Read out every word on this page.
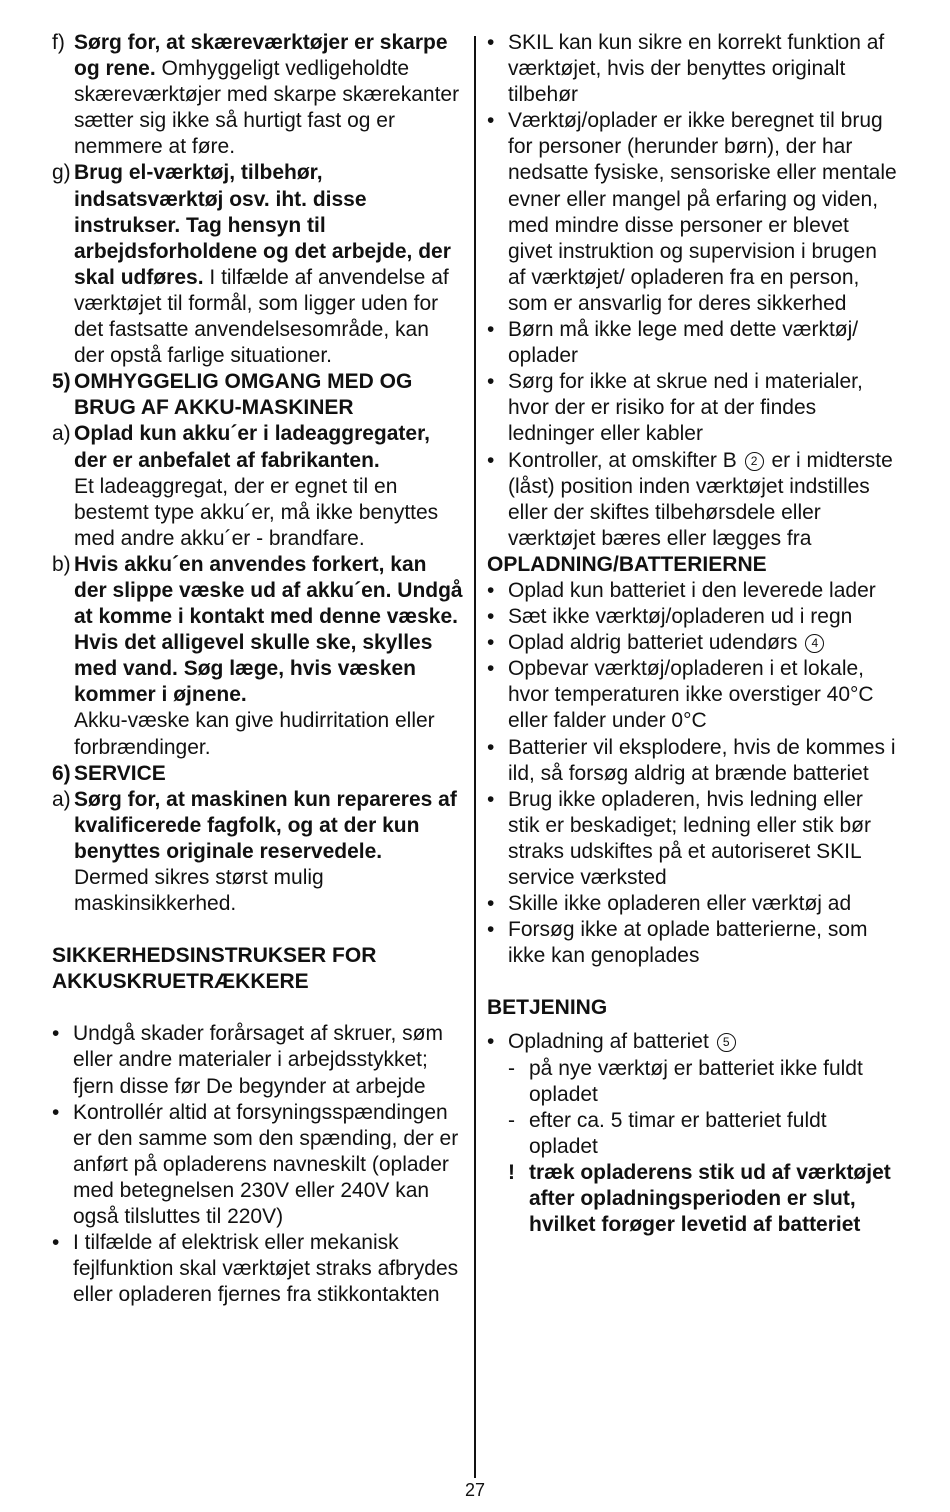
f) Sørg for, at skæreværktøjer er skarpe og rene. Omhyggeligt vedligeholdte skæreværktøjer med skarpe skærekanter sætter sig ikke så hurtigt fast og er nemmere at føre.
g) Brug el-værktøj, tilbehør, indsatsværktøj osv. iht. disse instrukser. Tag hensyn til arbejdsforholdene og det arbejde, der skal udføres. I tilfælde af anvendelse af værktøjet til formål, som ligger uden for det fastsatte anvendelsesområde, kan der opstå farlige situationer.
5) OMHYGGELIG OMGANG MED OG BRUG AF AKKU-MASKINER
a) Oplad kun akku´er i ladeaggregater, der er anbefalet af fabrikanten.
Et ladeaggregat, der er egnet til en bestemt type akku´er, må ikke benyttes med andre akku´er - brandfare.
b) Hvis akku´en anvendes forkert, kan der slippe væske ud af akku´en. Undgå at komme i kontakt med denne væske. Hvis det alligevel skulle ske, skylles med vand. Søg læge, hvis væsken kommer i øjnene.
Akku-væske kan give hudirritation eller forbrændinger.
6) SERVICE
a) Sørg for, at maskinen kun repareres af kvalificerede fagfolk, og at der kun benyttes originale reservedele.
Dermed sikres størst mulig maskinsikkerhed.
SIKKERHEDSINSTRUKSER FOR AKKUSKRUETRÆKKERE
• Undgå skader forårsaget af skruer, søm eller andre materialer i arbejdsstykket; fjern disse før De begynder at arbejde
• Kontrollér altid at forsyningsspændingen er den samme som den spænding, der er anført på opladerens navneskilt (oplader med betegnelsen 230V eller 240V kan også tilsluttes til 220V)
• I tilfælde af elektrisk eller mekanisk fejlfunktion skal værktøjet straks afbrydes eller opladeren fjernes fra stikkontakten
• SKIL kan kun sikre en korrekt funktion af værktøjet, hvis der benyttes originalt tilbehør
• Værktøj/oplader er ikke beregnet til brug for personer (herunder børn), der har nedsatte fysiske, sensoriske eller mentale evner eller mangel på erfaring og viden, med mindre disse personer er blevet givet instruktion og supervision i brugen af værktøjet/ opladeren fra en person, som er ansvarlig for deres sikkerhed
• Børn må ikke lege med dette værktøj/ oplader
• Sørg for ikke at skrue ned i materialer, hvor der er risiko for at der findes ledninger eller kabler
• Kontroller, at omskifter B 2 er i midterste (låst) position inden værktøjet indstilles eller der skiftes tilbehørsdele eller værktøjet bæres eller lægges fra
OPLADNING/BATTERIERNE
• Oplad kun batteriet i den leverede lader
• Sæt ikke værktøj/opladeren ud i regn
• Oplad aldrig batteriet udendørs 4
• Opbevar værktøj/opladeren i et lokale, hvor temperaturen ikke overstiger 40°C eller falder under 0°C
• Batterier vil eksplodere, hvis de kommes i ild, så forsøg aldrig at brænde batteriet
• Brug ikke opladeren, hvis ledning eller stik er beskadiget; ledning eller stik bør straks udskiftes på et autoriseret SKIL service værksted
• Skille ikke opladeren eller værktøj ad
• Forsøg ikke at oplade batterierne, som ikke kan genoplades
BETJENING
• Opladning af batteriet 5
- på nye værktøj er batteriet ikke fuldt opladet
- efter ca. 5 timar er batteriet fuldt opladet
! træk opladerens stik ud af værktøjet after opladningsperioden er slut, hvilket forøger levetid af batteriet
27
